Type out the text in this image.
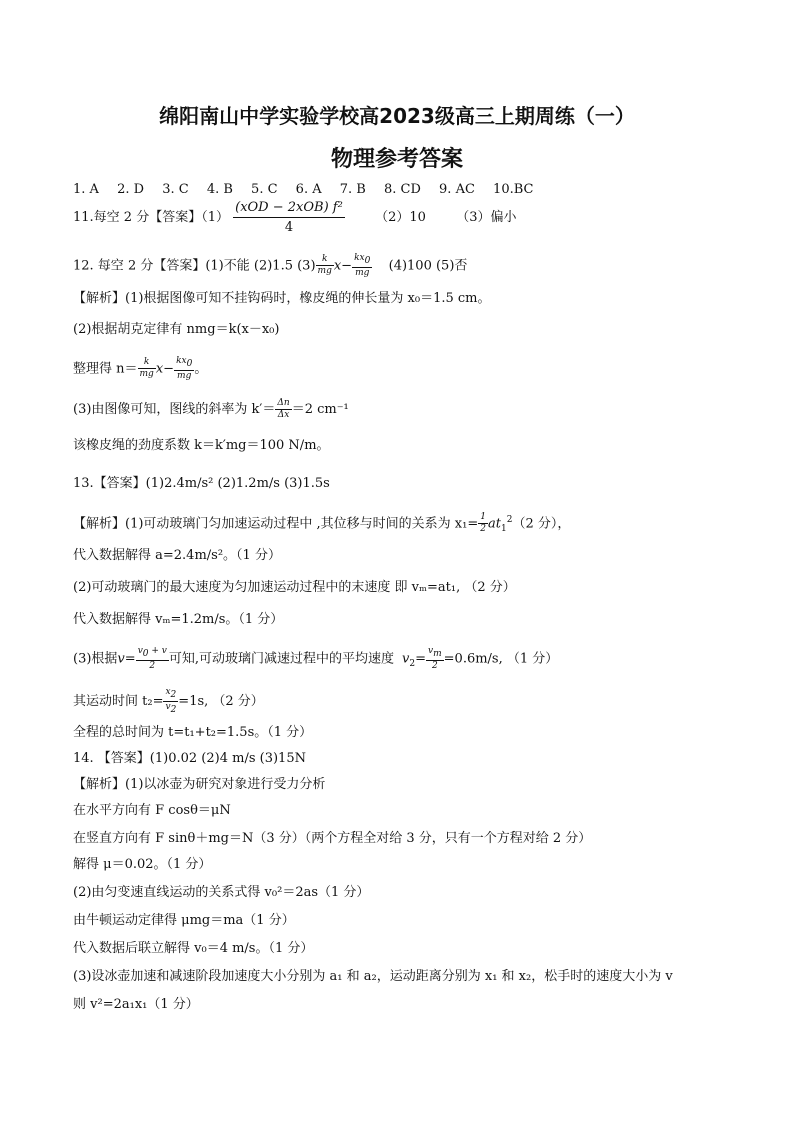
绵阳南山中学实验学校高2023级高三上期周练（一）
物理参考答案
1. A 2. D 3. C 4. B 5. C 6. A 7. B 8. CD 9. AC 10.BC
11.每空 2 分【答案】$(1) \frac{\text{(xOD − 2xOB) f²}}{4} (2)10$ （3）偏小
12. 每空 2 分【答案】(1)不能 (2)1.5 $(3) \frac{k}{mg} x- \frac{kx_0}{mg} (4)100$ (5)否
【解析】(1)根据图像可知不挂钩码时，橡皮绳的伸长量为 x₀＝1.5 cm。
(2)根据胡克定律有 nmg＝k(x－x₀)
整理得 $n= \frac{k}{mg} x- \frac{kx_0}{mg}$ 。
(3)由图像可知，图线的斜率为 $k'= \frac{\Delta n}{\Delta x} =2$ cm⁻¹
该橡皮绳的劲度系数 k＝k′mg＝100 N/m。
13.【答案】(1)2.4m/s² (2)1.2m/s (3)1.5s
【解析】(1)可动玻璃门匀加速运动过程中 ,其位移与时间的关系为 $x_1= \frac{1}{2} at_1^2(2$ 分），
代入数据解得 a=2.4m/s²。（1 分）
(2)可动玻璃门的最大速度为匀加速运动过程中的末速度 即 vₘ=at₁, （2 分）
代入数据解得 vₘ=1.2m/s。（1 分）
(3)根据$v= \frac{v_0 + v}{2}$ 可知,可动玻璃门减速过程中的平均速度 $v_2= \frac{v_m}{2} =0.6m/s$, （1 分）
其运动时间 $t_2= \frac{x_2}{v_2} =1s$, （2 分）
全程的总时间为 t=t₁+t₂=1.5s。（1 分）
14. 【答案】(1)0.02 (2)4 m/s (3)15N
【解析】(1)以冰壶为研究对象进行受力分析
在水平方向有 F cosθ＝μN
在竖直方向有 F sinθ＋mg＝N（3 分）（两个方程全对给 3 分，只有一个方程对给 2 分）
解得 μ＝0.02。（1 分）
(2)由匀变速直线运动的关系式得 v₀²＝2as（1 分）
由牛顿运动定律得 μmg＝ma（1 分）
代入数据后联立解得 v₀＝4 m/s。（1 分）
(3)设冰壶加速和减速阶段加速度大小分别为 a₁ 和 a₂，运动距离分别为 x₁ 和 x₂，松手时的速度大小为 v
则 v²=2a₁x₁（1 分）
